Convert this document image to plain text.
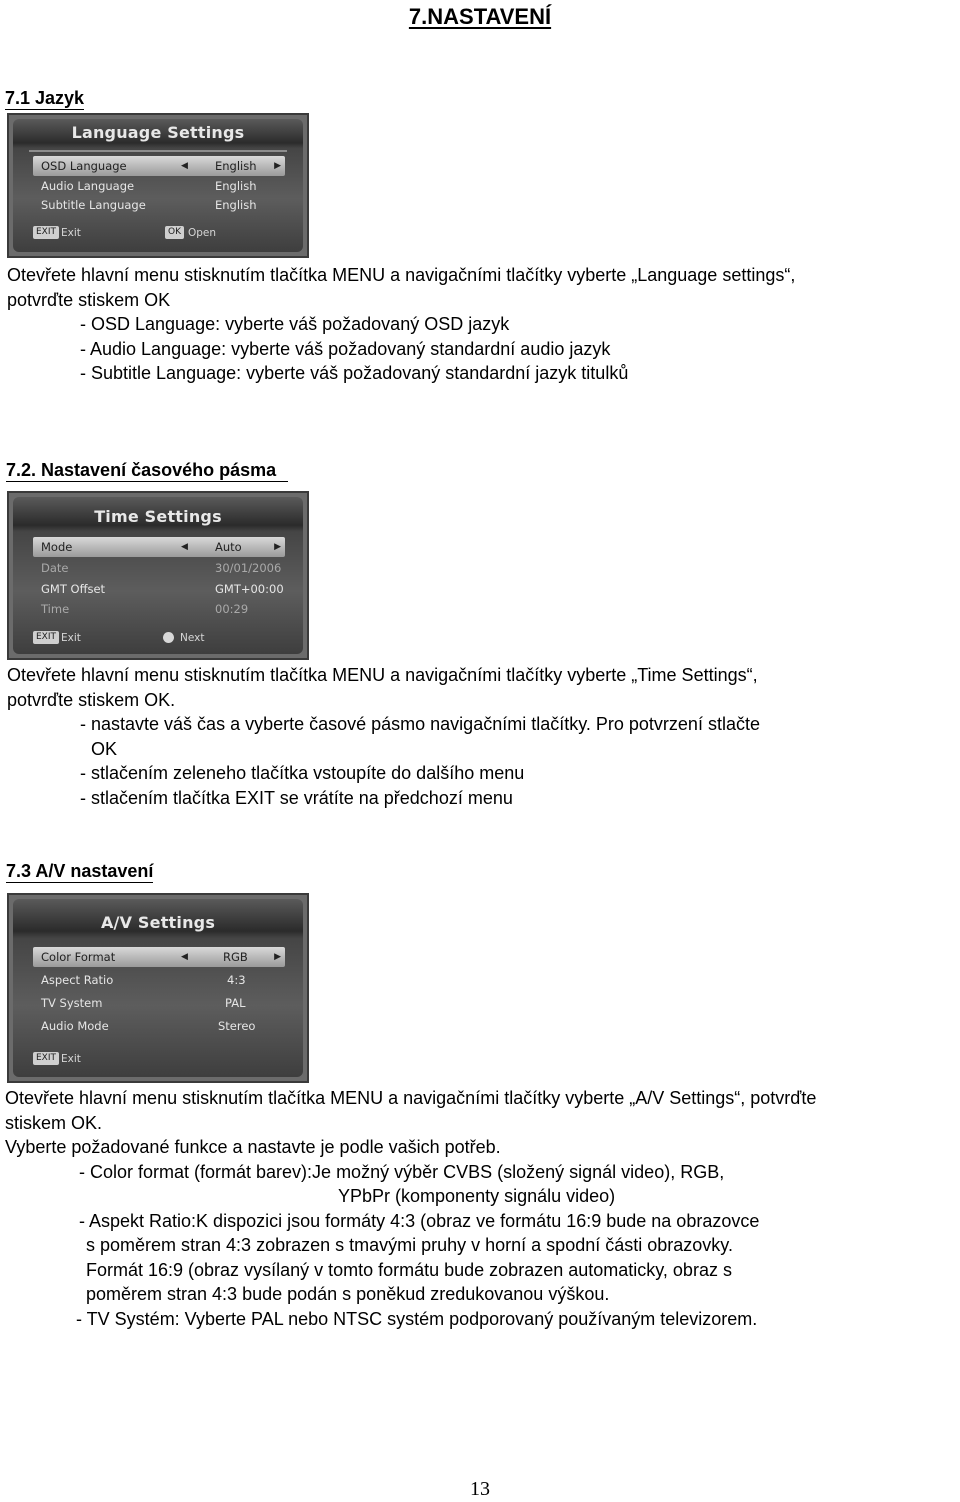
7.NASTAVENÍ
7.1 Jazyk
Language Settings
OSD Language	◀ English ▶
Audio Language	English
Subtitle Language	English
EXIT Exit	OK Open
Otevřete hlavní menu stisknutím tlačítka MENU a navigačními tlačítky vyberte „Language settings“,
potvrďte stiskem OK
- OSD Language: vyberte váš požadovaný OSD jazyk
- Audio Language: vyberte váš požadovaný standardní audio jazyk
- Subtitle Language: vyberte váš požadovaný standardní jazyk titulků
7.2. Nastavení časového pásma
Time Settings
Mode	◀ Auto	▶
Date	30/01/2006
GMT Offset	GMT+00:00
Time	00:29
EXIT Exit	Next
Otevřete hlavní menu stisknutím tlačítka MENU a navigačními tlačítky vyberte „Time Settings“,
potvrďte stiskem OK.
- nastavte váš čas a vyberte časové pásmo navigačními tlačítky. Pro potvrzení stlačte
OK
- stlačením zeleneho tlačítka vstoupíte do dalšího menu
- stlačením tlačítka EXIT se vrátíte na předchozí menu
7.3 A/V nastavení
A/V Settings
Color Format	◀	RGB	▶
Aspect Ratio	4:3
TV System	PAL
Audio Mode	Stereo
EXIT Exit
Otevřete hlavní menu stisknutím tlačítka MENU a navigačními tlačítky vyberte „A/V Settings“, potvrďte
stiskem OK.
Vyberte požadované funkce a nastavte je podle vašich potřeb.
- Color format (formát barev):Je možný výběr CVBS (složený signál video), RGB,
YPbPr (komponenty signálu video)
- Aspekt Ratio:K dispozici jsou formáty 4:3 (obraz ve formátu 16:9 bude na obrazovce
s poměrem stran 4:3 zobrazen s tmavými pruhy v horní a spodní části obrazovky.
Formát 16:9 (obraz vysílaný v tomto formátu bude zobrazen automaticky, obraz s
poměrem stran 4:3 bude podán s poněkud zredukovanou výškou.
- TV Systém: Vyberte PAL nebo NTSC systém podporovaný používaným televizorem.
13
